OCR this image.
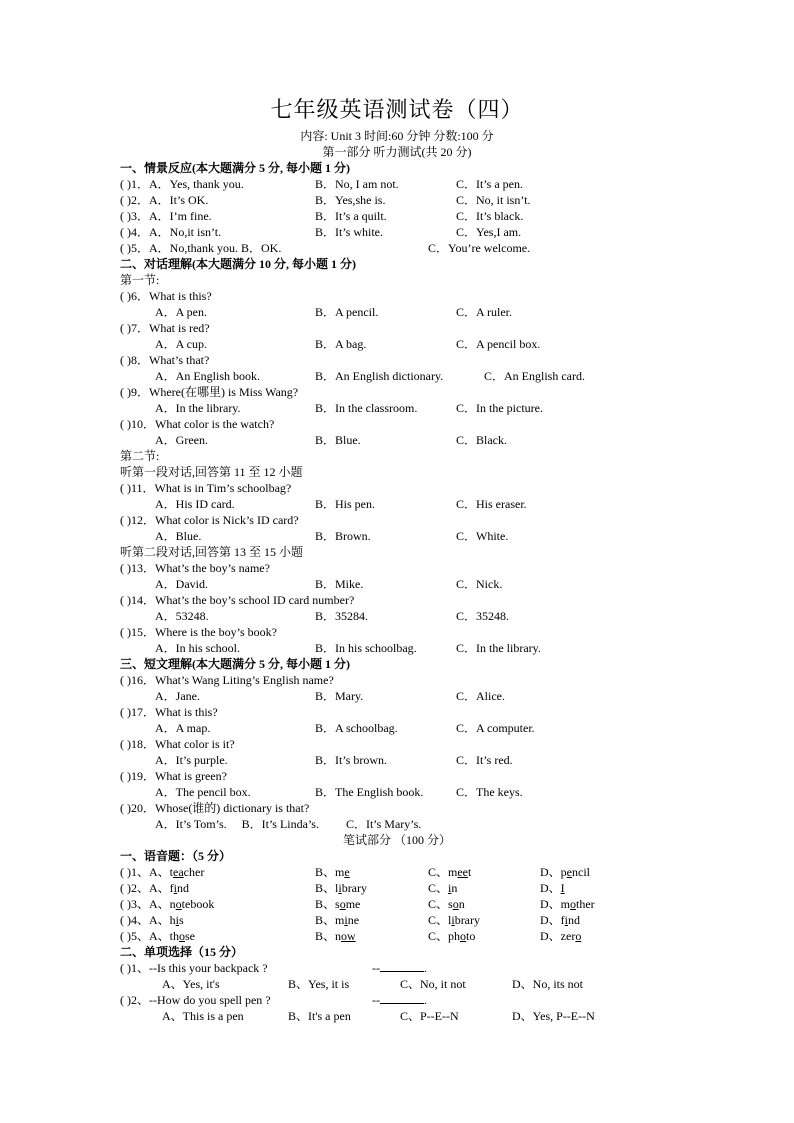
七年级英语测试卷（四）
内容: Unit 3 时间:60 分钟 分数:100 分
第一部分 听力测试(共 20 分)
一、情景反应(本大题满分 5 分, 每小题 1 分)
( )1．A．Yes, thank you.	B．No, I am not.	C．It’s a pen.
( )2．A．It’s OK.	B．Yes,she is.	C．No, it isn’t.
( )3．A．I’m fine.	B．It’s a quilt.	C．It’s black.
( )4．A．No,it isn’t.	B．It’s white.	C．Yes,I am.
( )5．A．No,thank you. B．OK.	C．You’re welcome.
二、对话理解(本大题满分 10 分, 每小题 1 分)
第一节:
( )6．What is this?
A．A pen.	B．A pencil.	C．A ruler.
( )7．What is red?
A．A cup.	B．A bag.	C．A pencil box.
( )8．What’s that?
A．An English book.	B．An English dictionary.	C．An English card.
( )9．Where(在哪里) is Miss Wang?
A．In the library.	B．In the classroom.	C．In the picture.
( )10．What color is the watch?
A．Green.	B．Blue.	C．Black.
第二节:
听第一段对话,回答第 11 至 12 小题
( )11．What is in Tim’s schoolbag?
A．His ID card.	B．His pen.	C．His eraser.
( )12．What color is Nick’s ID card?
A．Blue.	B．Brown.	C．White.
听第二段对话,回答第 13 至 15 小题
( )13．What’s the boy’s name?
A．David.	B．Mike.	C．Nick.
( )14．What’s the boy’s school ID card number?
A．53248.	B．35284.	C．35248.
( )15．Where is the boy’s book?
A．In his school.	B．In his schoolbag.	C．In the library.
三、短文理解(本大题满分 5 分, 每小题 1 分)
( )16．What’s Wang Liting’s English name?
A．Jane.	B．Mary.	C．Alice.
( )17．What is this?
A．A map.	B．A schoolbag.	C．A computer.
( )18．What color is it?
A．It’s purple.	B．It’s brown.	C．It’s red.
( )19．What is green?
A．The pencil box.	B．The English book.	C．The keys.
( )20．Whose(谁的) dictionary is that?
A．It’s Tom’s.     B．It’s Linda’s.         C．It’s Mary’s.
笔试部分 （100 分）
一、语音题：（5 分）
( )1、A、teacher	B、me	C、meet	D、pencil
( )2、A、find	B、library	C、in	D、I
( )3、A、notebook	B、some	C、son	D、mother
( )4、A、his	B、mine	C、library	D、find
( )5、A、those	B、now	C、photo	D、zero
二、单项选择（15 分）
( )1、--Is this your backpack ?	--	.
A、Yes, it's	B、Yes, it is	C、No, it not	D、No, its not
( )2、--How do you spell pen ?	--	.
A、This is a pen	B、It's a pen	C、P--E--N	D、Yes, P--E--N
